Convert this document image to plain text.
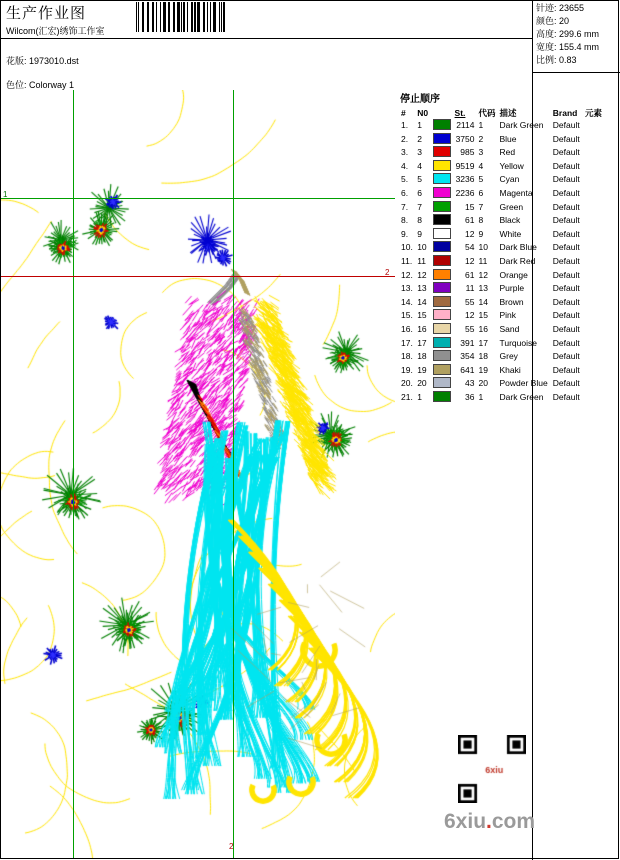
生产作业图
Wilcom(汇宏)绣饰工作室
花版: 1973010.dst
色位: Colorway 1
针迹: 23655
颜色: 20
高度: 299.6 mm
宽度: 155.4 mm
比例: 0.83
1
2
2
停止顺序
#	N0		St.	代码	描述	Brand	元素
1.	1		2114	1	Dark Green	Default	
2.	2		3750	2	Blue	Default	
3.	3		985	3	Red	Default	
4.	4		9519	4	Yellow	Default	
5.	5		3236	5	Cyan	Default	
6.	6		2236	6	Magenta	Default	
7.	7		15	7	Green	Default	
8.	8		61	8	Black	Default	
9.	9		12	9	White	Default	
10.	10		54	10	Dark Blue	Default	
11.	11		12	11	Dark Red	Default	
12.	12		61	12	Orange	Default	
13.	13		11	13	Purple	Default	
14.	14		55	14	Brown	Default	
15.	15		12	15	Pink	Default	
16.	16		55	16	Sand	Default	
17.	17		391	17	Turquoise	Default	
18.	18		354	18	Grey	Default	
19.	19		641	19	Khaki	Default	
20.	20		43	20	Powder Blue	Default	
21.	1		36	1	Dark Green	Default	
6xiu.com
